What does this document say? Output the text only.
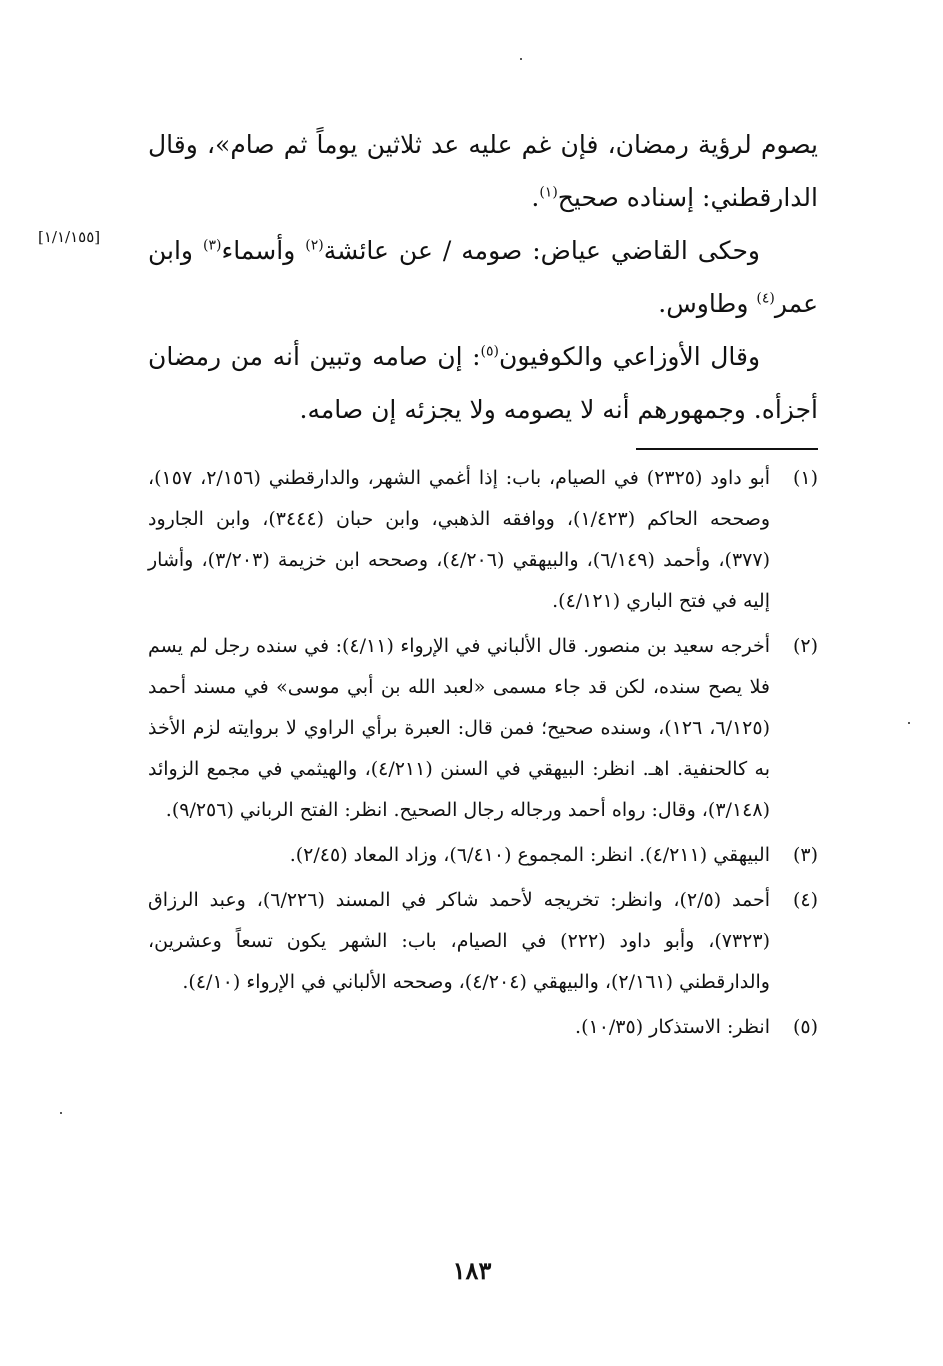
يصوم لرؤية رمضان، فإن غم عليه عد ثلاثين يوماً ثم صام»، وقال الدارقطني: إسناده صحيح$^{(١)}$.

وحكى القاضي عياض: صومه / عن عائشة$^{(٢)}$ وأسماء$^{(٣)}$ وابن عمر$^{(٤)}$ وطاوس.

وقال الأوزاعي والكوفيون$^{(٥)}$: إن صامه وتبين أنه من رمضان أجزأه. وجمهورهم أنه لا يصومه ولا يجزئه إن صامه.

[١/١/١٥٥]
(١)
أبو داود (٢٣٢٥) في الصيام، باب: إذا أغمي الشهر، والدارقطني (٢/١٥٦، ١٥٧)، وصححه الحاكم (١/٤٢٣)، ووافقه الذهبي، وابن حبان (٣٤٤٤)، وابن الجارود (٣٧٧)، وأحمد (٦/١٤٩)، والبيهقي (٤/٢٠٦)، وصححه ابن خزيمة (٣/٢٠٣)، وأشار إليه في فتح الباري (٤/١٢١).
(٢)
أخرجه سعيد بن منصور. قال الألباني في الإرواء (٤/١١): في سنده رجل لم يسم فلا يصح سنده، لكن قد جاء مسمى «لعبد الله بن أبي موسى» في مسند أحمد (٦/١٢٥، ١٢٦)، وسنده صحيح؛ فمن قال: العبرة برأي الراوي لا بروايته لزم الأخذ به كالحنفية. اهـ. انظر: البيهقي في السنن (٤/٢١١)، والهيثمي في مجمع الزوائد (٣/١٤٨)، وقال: رواه أحمد ورجاله رجال الصحيح. انظر: الفتح الرباني (٩/٢٥٦).
(٣)
البيهقي (٤/٢١١). انظر: المجموع (٦/٤١٠)، وزاد المعاد (٢/٤٥).
(٤)
أحمد (٢/٥)، وانظر: تخريجه لأحمد شاكر في المسند (٦/٢٢٦)، وعبد الرزاق (٧٣٢٣)، وأبو داود (٢٢٢) في الصيام، باب: الشهر يكون تسعاً وعشرين، والدارقطني (٢/١٦١)، والبيهقي (٤/٢٠٤)، وصححه الألباني في الإرواء (٤/١٠).
(٥)
انظر: الاستذكار (١٠/٣٥).
١٨٣
